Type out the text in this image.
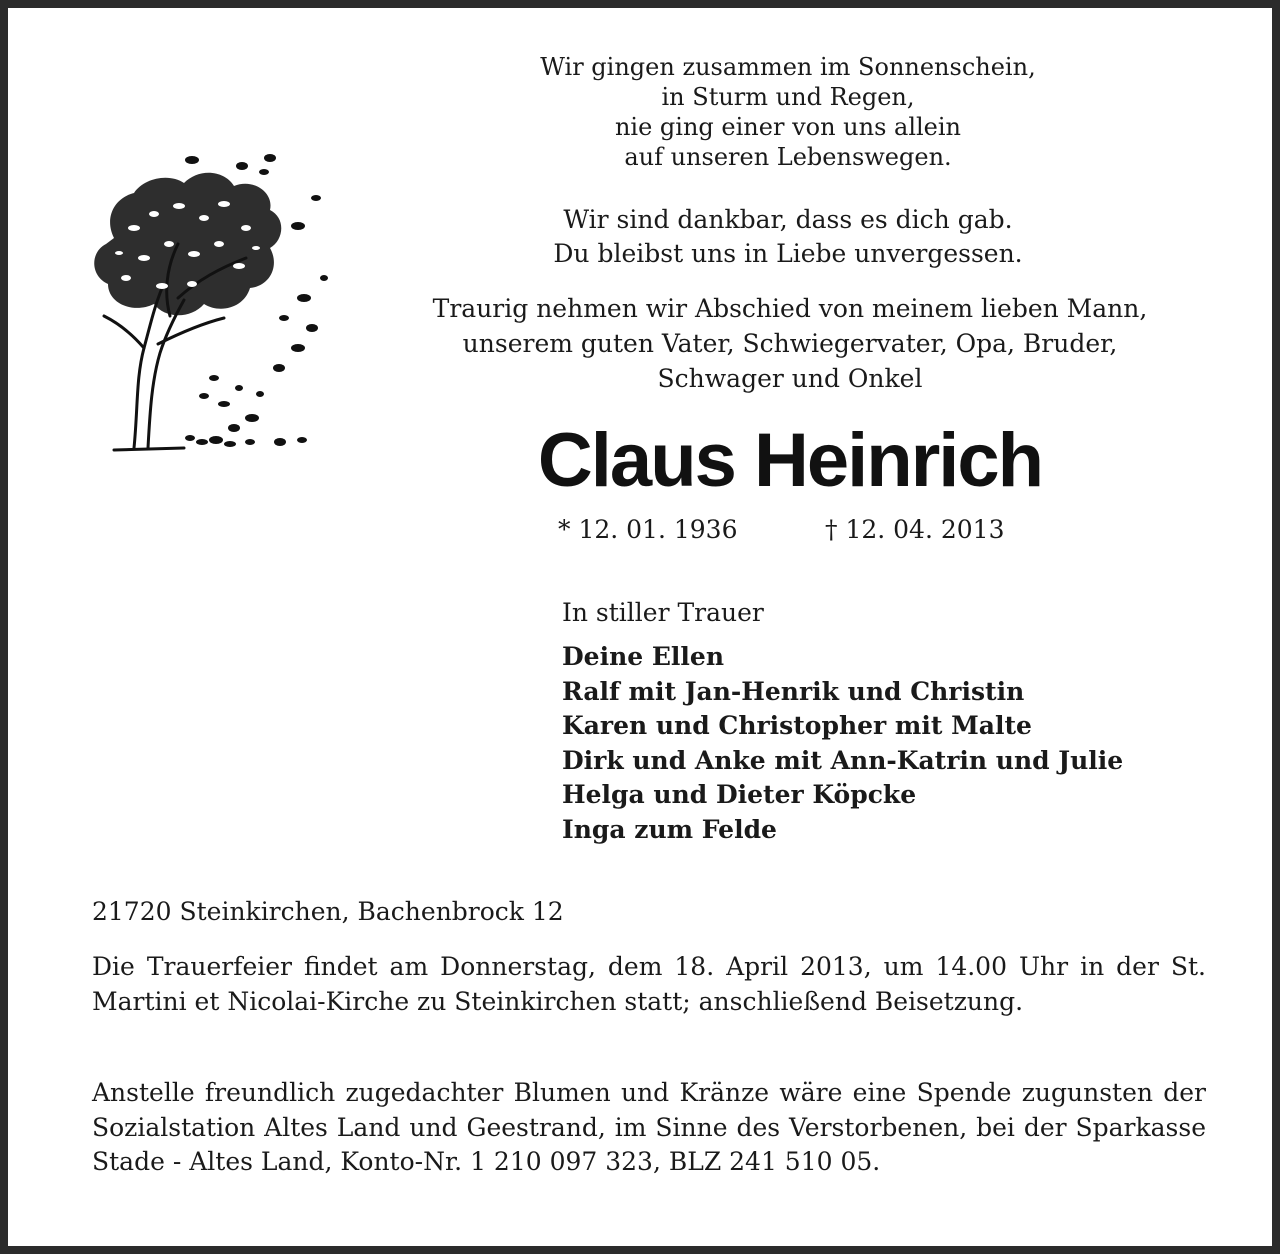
Wir gingen zusammen im Sonnenschein,
in Sturm und Regen,
nie ging einer von uns allein
auf unseren Lebenswegen.
Wir sind dankbar, dass es dich gab.
Du bleibst uns in Liebe unvergessen.
Traurig nehmen wir Abschied von meinem lieben Mann,
unserem guten Vater, Schwiegervater, Opa, Bruder,
Schwager und Onkel
Claus Heinrich
* 12. 01. 1936	† 12. 04. 2013
In stiller Trauer
Deine Ellen
Ralf mit Jan-Henrik und Christin
Karen und Christopher mit Malte
Dirk und Anke mit Ann-Katrin und Julie
Helga und Dieter Köpcke
Inga zum Felde
21720 Steinkirchen, Bachenbrock 12
Die Trauerfeier findet am Donnerstag, dem 18. April 2013, um 14.00 Uhr in der St. Martini et Nicolai-Kirche zu Steinkirchen statt; anschließend Beisetzung.
Anstelle freundlich zugedachter Blumen und Kränze wäre eine Spende zugunsten der Sozialstation Altes Land und Geestrand, im Sinne des Verstorbenen, bei der Sparkasse Stade - Altes Land, Konto-Nr. 1 210 097 323, BLZ 241 510 05.
